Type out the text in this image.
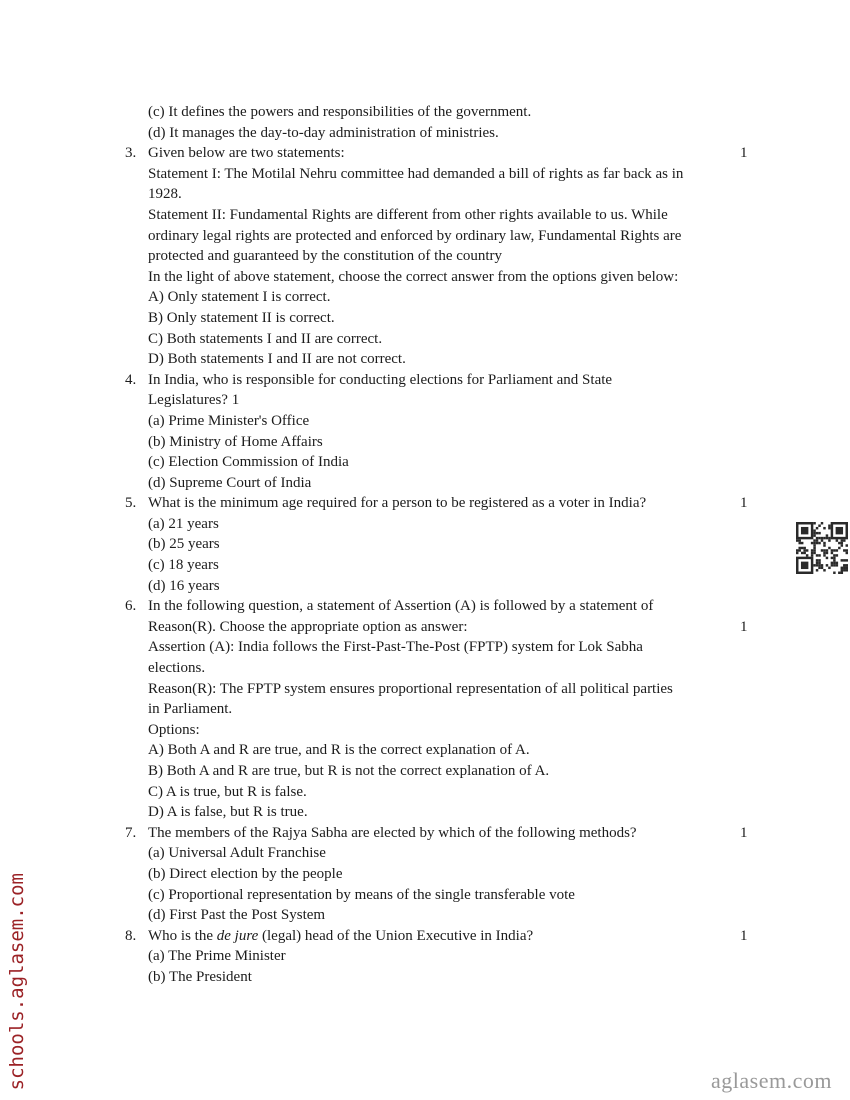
(c) It defines the powers and responsibilities of the government.
(d) It manages the day-to-day administration of ministries.
3. Given below are two statements:	1
Statement I: The Motilal Nehru committee had demanded a bill of rights as far back as in
1928.
Statement II: Fundamental Rights are different from other rights available to us. While
ordinary legal rights are protected and enforced by ordinary law, Fundamental Rights are
protected and guaranteed by the constitution of the country
In the light of above statement, choose the correct answer from the options given below:
A) Only statement I is correct.
B) Only statement II is correct.
C) Both statements I and II are correct.
D) Both statements I and II are not correct.
4. In India, who is responsible for conducting elections for Parliament and State
Legislatures? 1
(a) Prime Minister's Office
(b) Ministry of Home Affairs
(c) Election Commission of India
(d) Supreme Court of India
5. What is the minimum age required for a person to be registered as a voter in India?	1
(a) 21 years
(b) 25 years
(c) 18 years
(d) 16 years
6. In the following question, a statement of Assertion (A) is followed by a statement of
Reason(R). Choose the appropriate option as answer:	1
Assertion (A): India follows the First-Past-The-Post (FPTP) system for Lok Sabha
elections.
Reason(R): The FPTP system ensures proportional representation of all political parties
in Parliament.
Options:
A) Both A and R are true, and R is the correct explanation of A.
B) Both A and R are true, but R is not the correct explanation of A.
C) A is true, but R is false.
D) A is false, but R is true.
7. The members of the Rajya Sabha are elected by which of the following methods?	1
(a) Universal Adult Franchise
(b) Direct election by the people
(c) Proportional representation by means of the single transferable vote
(d) First Past the Post System
8. Who is the de jure (legal) head of the Union Executive in India?	1
(a) The Prime Minister
(b) The President
schools.aglasem.com	aglasem.com
